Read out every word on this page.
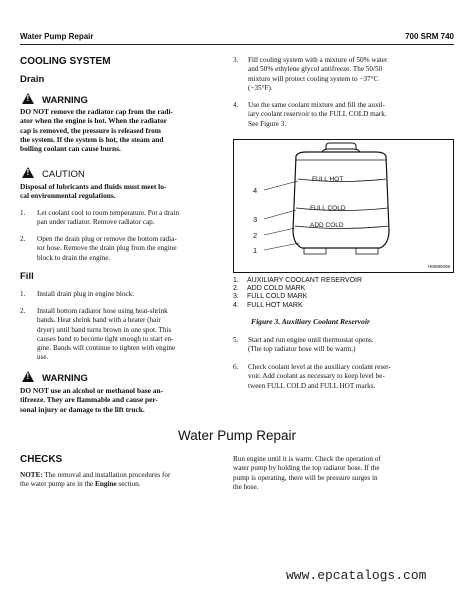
Water Pump Repair	700 SRM 740
COOLING SYSTEM
Drain
!
WARNING
DO NOT remove the radiator cap from the radi-
ator when the engine is hot. When the radiator
cap is removed, the pressure is released from
the system. If the system is hot, the steam and
boiling coolant can cause burns.
!
CAUTION
Disposal of lubricants and fluids must meet lo-
cal environmental regulations.
1. Let coolant cool to room temperature. Put a drain
pan under radiator. Remove radiator cap.
2. Open the drain plug or remove the bottom radia-
tor hose. Remove the drain plug from the engine
block to drain the engine.
Fill
1. Install drain plug in engine block.
2. Install bottom radiator hose using heat-shrink
bands. Heat shrink band with a heater (hair
dryer) until band turns brown in one spot. This
causes band to become tight enough to start en-
gine. Bands will continue to tighten with engine
use.
!
WARNING
DO NOT use an alcohol or methanol base an-
tifreeze. They are flammable and cause per-
sonal injury or damage to the lift truck.
3. Fill cooling system with a mixture of 50% water
and 50% ethylene glycol antifreeze. The 50/50
mixture will protect cooling system to −37°C
(−35°F).
4. Use the same coolant mixture and fill the auxil-
iary coolant reservoir to the FULL COLD mark.
See Figure 3.
FULL HOT
FULL COLD
ADD COLD
4
3
2
1
HM080008
1. AUXILIARY COOLANT RESERVOIR
2. ADD COLD MARK
3. FULL COLD MARK
4. FULL HOT MARK
Figure 3. Auxiliary Coolant Reservoir
5. Start and run engine until thermostat opens.
(The top radiator hose will be warm.)
6. Check coolant level at the auxiliary coolant reser-
voir. Add coolant as necessary to keep level be-
tween FULL COLD and FULL HOT marks.
Water Pump Repair
CHECKS
NOTE: The removal and installation procedures for
the water pump are in the Engine section.
Run engine until it is warm. Check the operation of
water pump by holding the top radiator hose. If the
pump is operating, there will be pressure surges in
the hose.
www.epcatalogs.com
